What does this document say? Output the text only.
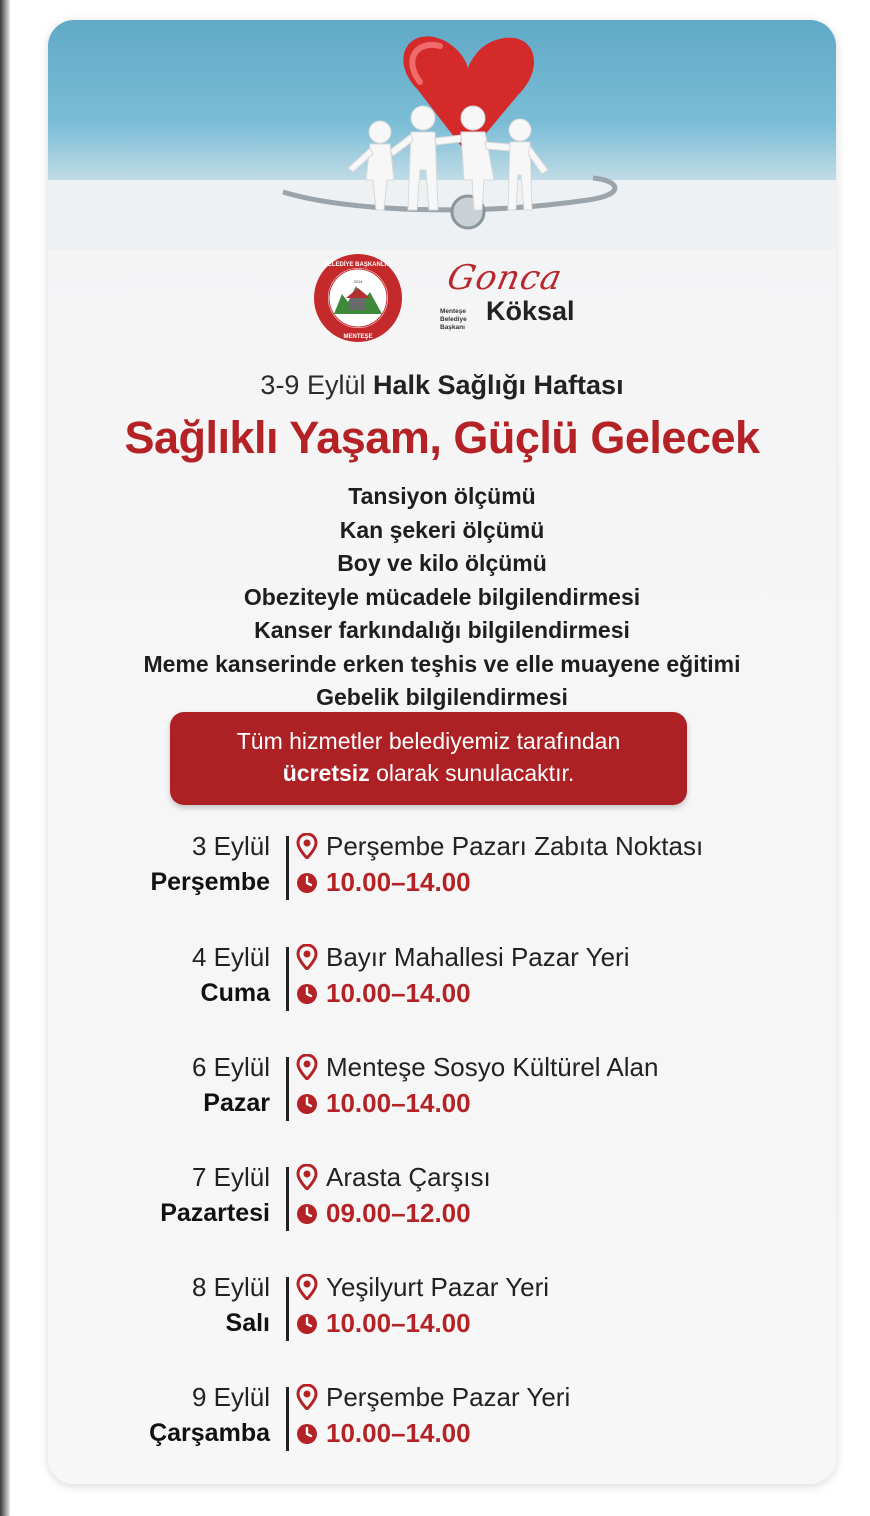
BELEDİYE BAŞKANLIĞI
MENTEŞE
2014 Gonca
Menteşe
Belediye Başkanı
Köksal
3-9 Eylül Halk Sağlığı Haftası
Sağlıklı Yaşam, Güçlü Gelecek
Tansiyon ölçümü
Kan şekeri ölçümü
Boy ve kilo ölçümü
Obeziteyle mücadele bilgilendirmesi
Kanser farkındalığı bilgilendirmesi
Meme kanserinde erken teşhis ve elle muayene eğitimi
Gebelik bilgilendirmesi
Tüm hizmetler belediyemiz tarafından
ücretsiz olarak sunulacaktır.
3 Eylül
Perşembe
Perşembe Pazarı Zabıta Noktası
10.00–14.00
4 Eylül
Cuma
Bayır Mahallesi Pazar Yeri
10.00–14.00
6 Eylül
Pazar
Menteşe Sosyo Kültürel Alan
10.00–14.00
7 Eylül
Pazartesi
Arasta Çarşısı
09.00–12.00
8 Eylül
Salı
Yeşilyurt Pazar Yeri
10.00–14.00
9 Eylül
Çarşamba
Perşembe Pazar Yeri
10.00–14.00
